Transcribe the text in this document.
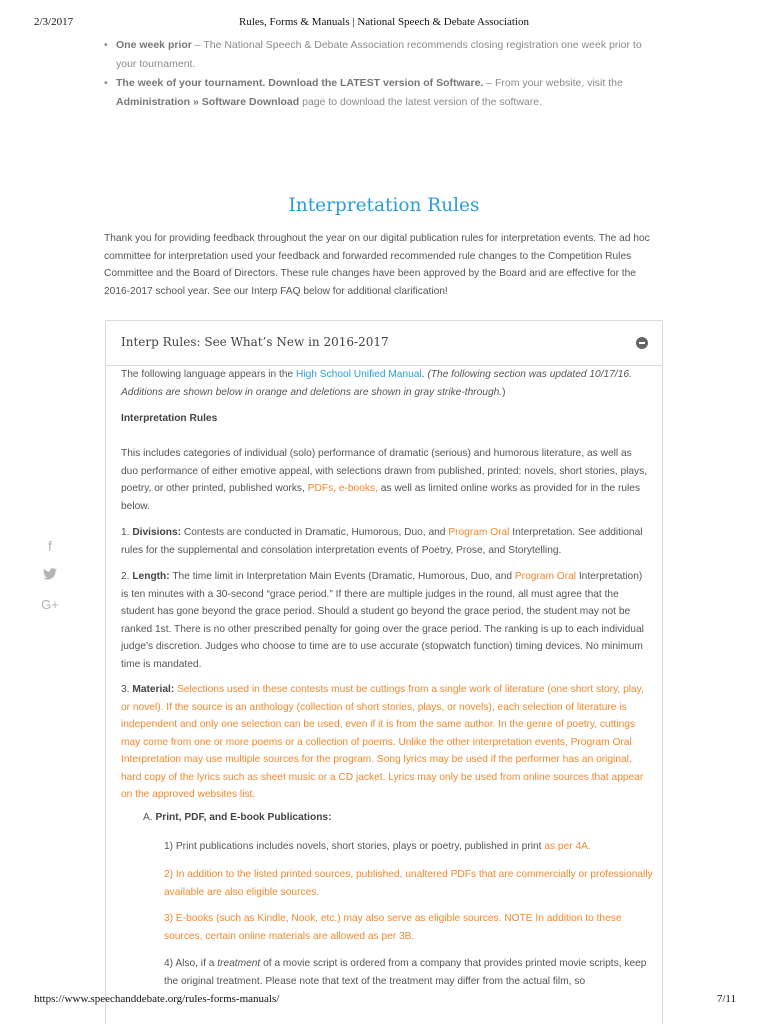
2/3/2017	Rules, Forms & Manuals | National Speech & Debate Association
• One week prior – The National Speech & Debate Association recommends closing registration one week prior to your tournament.
• The week of your tournament. Download the LATEST version of Software. – From your website, visit the Administration » Software Download page to download the latest version of the software.
Interpretation Rules

Thank you for providing feedback throughout the year on our digital publication rules for interpretation events. The ad hoc committee for interpretation used your feedback and forwarded recommended rule changes to the Competition Rules Committee and the Board of Directors. These rule changes have been approved by the Board and are effective for the 2016-2017 school year. See our Interp FAQ below for additional clarification!

f
G+
Interp Rules: See What’s New in 2016-2017

The following language appears in the High School Unified Manual. (The following section was updated 10/17/16. Additions are shown below in orange and deletions are shown in gray strike-through.)

Interpretation Rules

This includes categories of individual (solo) performance of dramatic (serious) and humorous literature, as well as duo performance of either emotive appeal, with selections drawn from published, printed: novels, short stories, plays, poetry, or other printed, published works, PDFs, e-books, as well as limited online works as provided for in the rules below.

1. Divisions: Contests are conducted in Dramatic, Humorous, Duo, and Program Oral Interpretation. See additional rules for the supplemental and consolation interpretation events of Poetry, Prose, and Storytelling.

2. Length: The time limit in Interpretation Main Events (Dramatic, Humorous, Duo, and Program Oral Interpretation) is ten minutes with a 30-second “grace period.” If there are multiple judges in the round, all must agree that the student has gone beyond the grace period. Should a student go beyond the grace period, the student may not be ranked 1st. There is no other prescribed penalty for going over the grace period. The ranking is up to each individual judge’s discretion. Judges who choose to time are to use accurate (stopwatch function) timing devices. No minimum time is mandated.

3. Material: Selections used in these contests must be cuttings from a single work of literature (one short story, play, or novel). If the source is an anthology (collection of short stories, plays, or novels), each selection of literature is independent and only one selection can be used, even if it is from the same author. In the genre of poetry, cuttings may come from one or more poems or a collection of poems. Unlike the other interpretation events, Program Oral Interpretation may use multiple sources for the program. Song lyrics may be used if the performer has an original, hard copy of the lyrics such as sheet music or a CD jacket. Lyrics may only be used from online sources that appear on the approved websites list.

A. Print, PDF, and E-book Publications:

1) Print publications includes novels, short stories, plays or poetry, published in print as per 4A.

2) In addition to the listed printed sources, published, unaltered PDFs that are commercially or professionally available are also eligible sources.

3) E-books (such as Kindle, Nook, etc.) may also serve as eligible sources. NOTE In addition to these sources, certain online materials are allowed as per 3B.

4) Also, if a treatment of a movie script is ordered from a company that provides printed movie scripts, keep the original treatment. Please note that text of the treatment may differ from the actual film, so

https://www.speechanddebate.org/rules-forms-manuals/	7/11
